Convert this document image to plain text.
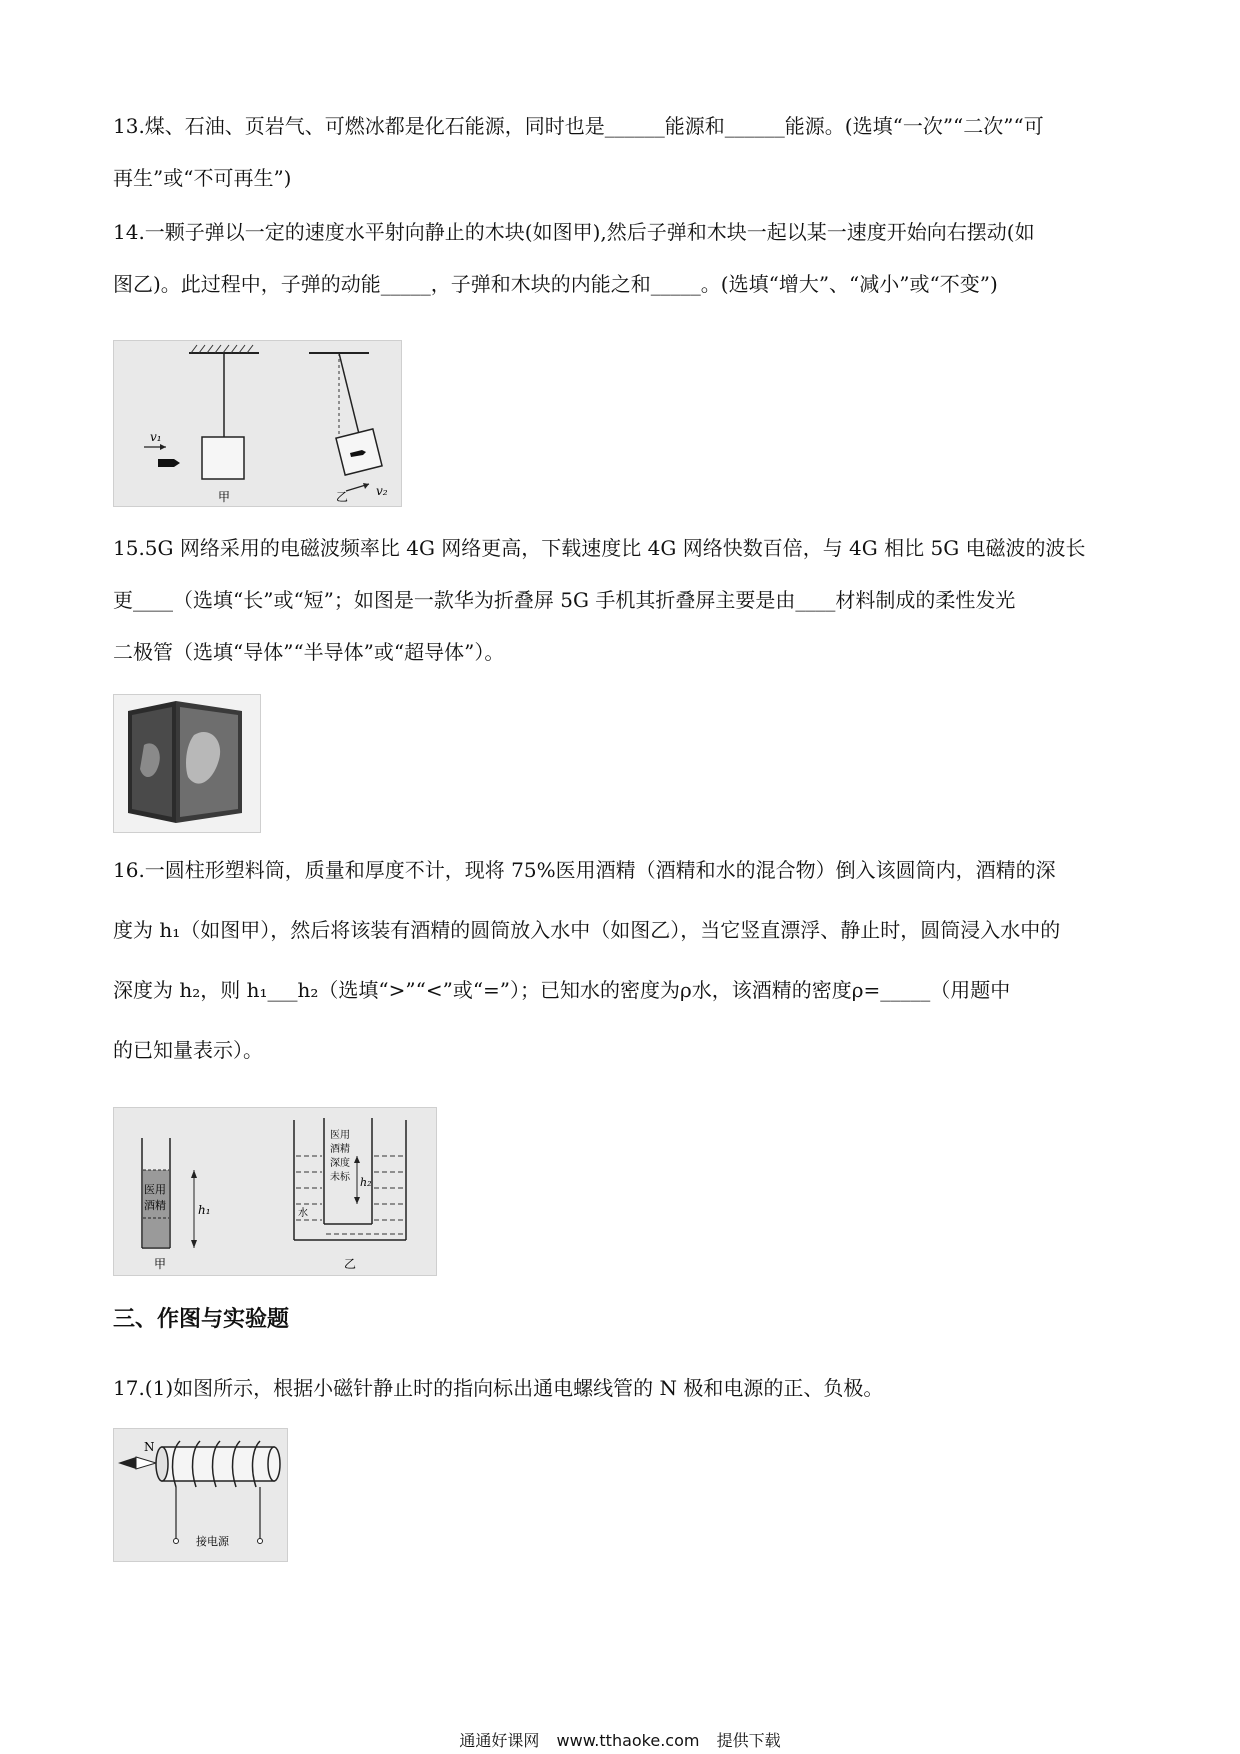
13.煤、石油、页岩气、可燃冰都是化石能源，同时也是______能源和______能源。(选填“一次”“二次”“可
再生”或“不可再生”)
14.一颗子弹以一定的速度水平射向静止的木块(如图甲),然后子弹和木块一起以某一速度开始向右摆动(如
图乙)。此过程中，子弹的动能_____，子弹和木块的内能之和_____。(选填“增大”、“减小”或“不变”)
v₁
甲	v₂
乙
15.5G 网络采用的电磁波频率比 4G 网络更高，下载速度比 4G 网络快数百倍，与 4G 相比 5G 电磁波的波长
更____（选填“长”或“短”；如图是一款华为折叠屏 5G 手机其折叠屏主要是由____材料制成的柔性发光
二极管（选填“导体”“半导体”或“超导体”）。
16.一圆柱形塑料筒，质量和厚度不计，现将 75%医用酒精（酒精和水的混合物）倒入该圆筒内，酒精的深
度为 h₁（如图甲），然后将该装有酒精的圆筒放入水中（如图乙），当它竖直漂浮、静止时，圆筒浸入水中的
深度为 h₂，则 h₁___h₂（选填“>”“<”或“=”）；已知水的密度为ρ水，该酒精的密度ρ=_____（用题中
的已知量表示）。
医用
酒精	h₁
甲
医用
酒精
深度
未标 h₂
水
乙
三、作图与实验题
17.(1)如图所示，根据小磁针静止时的指向标出通电螺线管的 N 极和电源的正、负极。
N
接电源
通通好课网 www.tthaoke.com 提供下载
